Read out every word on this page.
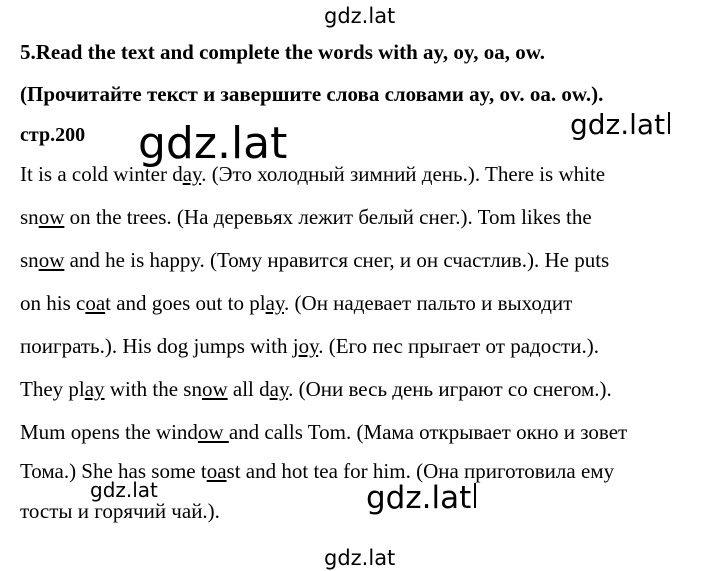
gdz.lat
5.Read the text and complete the words with ay, oy, oa, ow.
(Прочитайте текст и завершите слова словами ay, ov. oa. ow.).
стр.200 gdz.lat	gdz.lat
It is a cold winter day. (Это холодный зимний день.). There is white
snow on the trees. (На деревьях лежит белый снег.). Tom likes the
snow and he is happy. (Тому нравится снег, и он счастлив.). He puts
on his coat and goes out to play. (Он надевает пальто и выходит
поиграть.). His dog jumps with joy. (Его пес прыгает от радости.).
They play with the snow all day. (Они весь день играют со снегом.).
Mum opens the window and calls Tom. (Мама открывает окно и зовет
Тома.) She has some toast and hot tea for him. (Она приготовила ему
тосты и горячий чай.).
gdz.lat	gdz.lat
gdz.lat
